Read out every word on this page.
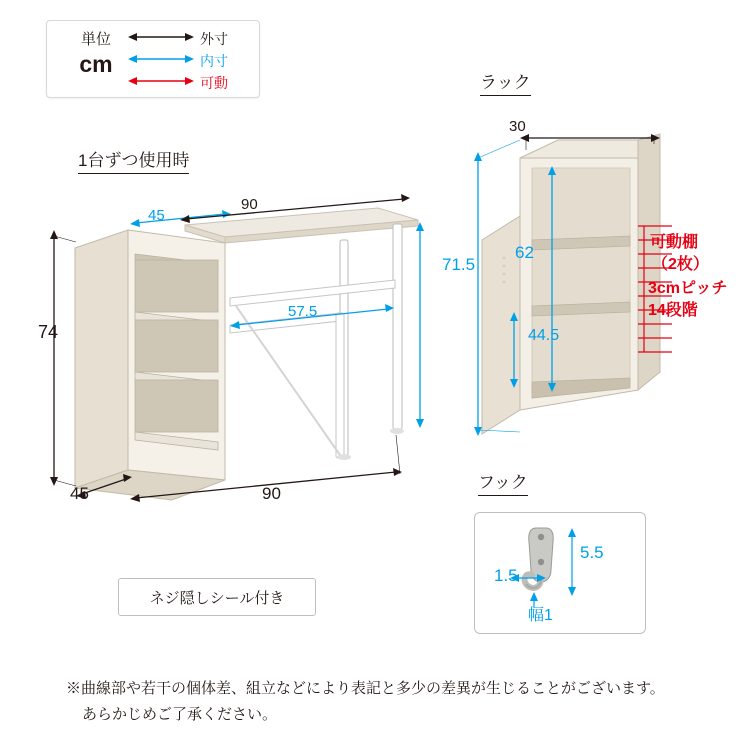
単位
cm
外寸
内寸
可動
1台ずつ使用時
45
90
74
57.5
45	90
ラック
30
71.5
62
44.5
可動棚
（2枚）
3cmピッチ
14段階
ネジ隠しシール付き
フック
5.5
1.5
幅1
※曲線部や若干の個体差、組立などにより表記と多少の差異が生じることがございます。
あらかじめご了承ください。
